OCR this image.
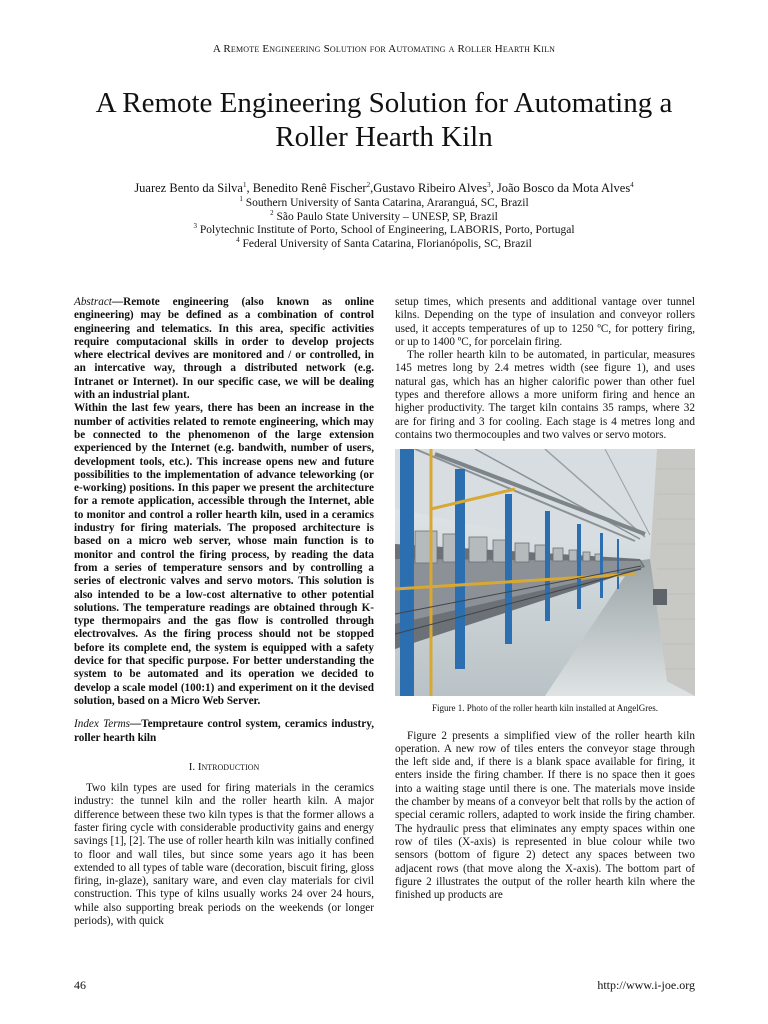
A Remote Engineering Solution for Automating a Roller Hearth Kiln
A Remote Engineering Solution for Automating a Roller Hearth Kiln
Juarez Bento da Silva$^1$, Benedito Renê Fischer$^2$,Gustavo Ribeiro Alves$^3$, João Bosco da Mota Alves$^4$
$^1$ Southern University of Santa Catarina, Araranguá, SC, Brazil
$^2$ São Paulo State University – UNESP, SP, Brazil
$^3$ Polytechnic Institute of Porto, School of Engineering, LABORIS, Porto, Portugal
$^4$ Federal University of Santa Catarina, Florianópolis, SC, Brazil

Abstract—Remote engineering (also known as online engineering) may be defined as a combination of control engineering and telematics. In this area, specific activities require computacional skills in order to develop projects where electrical devives are monitored and / or controlled, in an intercative way, through a distributed network (e.g. Intranet or Internet). In our specific case, we will be dealing with an industrial plant.

Within the last few years, there has been an increase in the number of activities related to remote engineering, which may be connected to the phenomenon of the large extension experienced by the Internet (e.g. bandwith, number of users, development tools, etc.). This increase opens new and future possibilities to the implementation of advance teleworking (or e-working) positions. In this paper we present the architecture for a remote application, accessible through the Internet, able to monitor and control a roller hearth kiln, used in a ceramics industry for firing materials. The proposed architecture is based on a micro web server, whose main function is to monitor and control the firing process, by reading the data from a series of temperature sensors and by controlling a series of electronic valves and servo motors. This solution is also intended to be a low-cost alternative to other potential solutions. The temperature readings are obtained through K-type thermopairs and the gas flow is controlled through electrovalves. As the firing process should not be stopped before its complete end, the system is equipped with a safety device for that specific purpose. For better understanding the system to be automated and its operation we decided to develop a scale model (100:1) and experiment on it the devised solution, based on a Micro Web Server.

Index Terms—Tempretaure control system, ceramics industry, roller hearth kiln

I. Introduction

Two kiln types are used for firing materials in the ceramics industry: the tunnel kiln and the roller hearth kiln. A major difference between these two kiln types is that the former allows a faster firing cycle with considerable productivity gains and energy savings [1], [2]. The use of roller hearth kiln was initially confined to floor and wall tiles, but since some years ago it has been extended to all types of table ware (decoration, biscuit firing, gloss firing, in-glaze), sanitary ware, and even clay materials for civil construction. This type of kilns usually works 24 over 24 hours, while also supporting break periods on the weekends (or longer periods), with quick

setup times, which presents and additional vantage over tunnel kilns. Depending on the type of insulation and conveyor rollers used, it accepts temperatures of up to 1250 ºC, for pottery firing, or up to 1400 ºC, for porcelain firing.

The roller hearth kiln to be automated, in particular, measures 145 metres long by 2.4 metres width (see figure 1), and uses natural gas, which has an higher calorific power than other fuel types and therefore allows a more uniform firing and hence an higher productivity. The target kiln contains 35 ramps, where 32 are for firing and 3 for cooling. Each stage is 4 metres long and contains two thermocouples and two valves or servo motors.

Figure 1. Photo of the roller hearth kiln installed at AngelGres.

Figure 2 presents a simplified view of the roller hearth kiln operation. A new row of tiles enters the conveyor stage through the left side and, if there is a blank space available for firing, it enters inside the firing chamber. If there is no space then it goes into a waiting stage until there is one. The materials move inside the chamber by means of a conveyor belt that rolls by the action of special ceramic rollers, adapted to work inside the firing chamber. The hydraulic press that eliminates any empty spaces within one row of tiles (X-axis) is represented in blue colour while two sensors (bottom of figure 2) detect any spaces between two adjacent rows (that move along the X-axis). The bottom part of figure 2 illustrates the output of the roller hearth kiln where the finished up products are

46	http://www.i-joe.org
